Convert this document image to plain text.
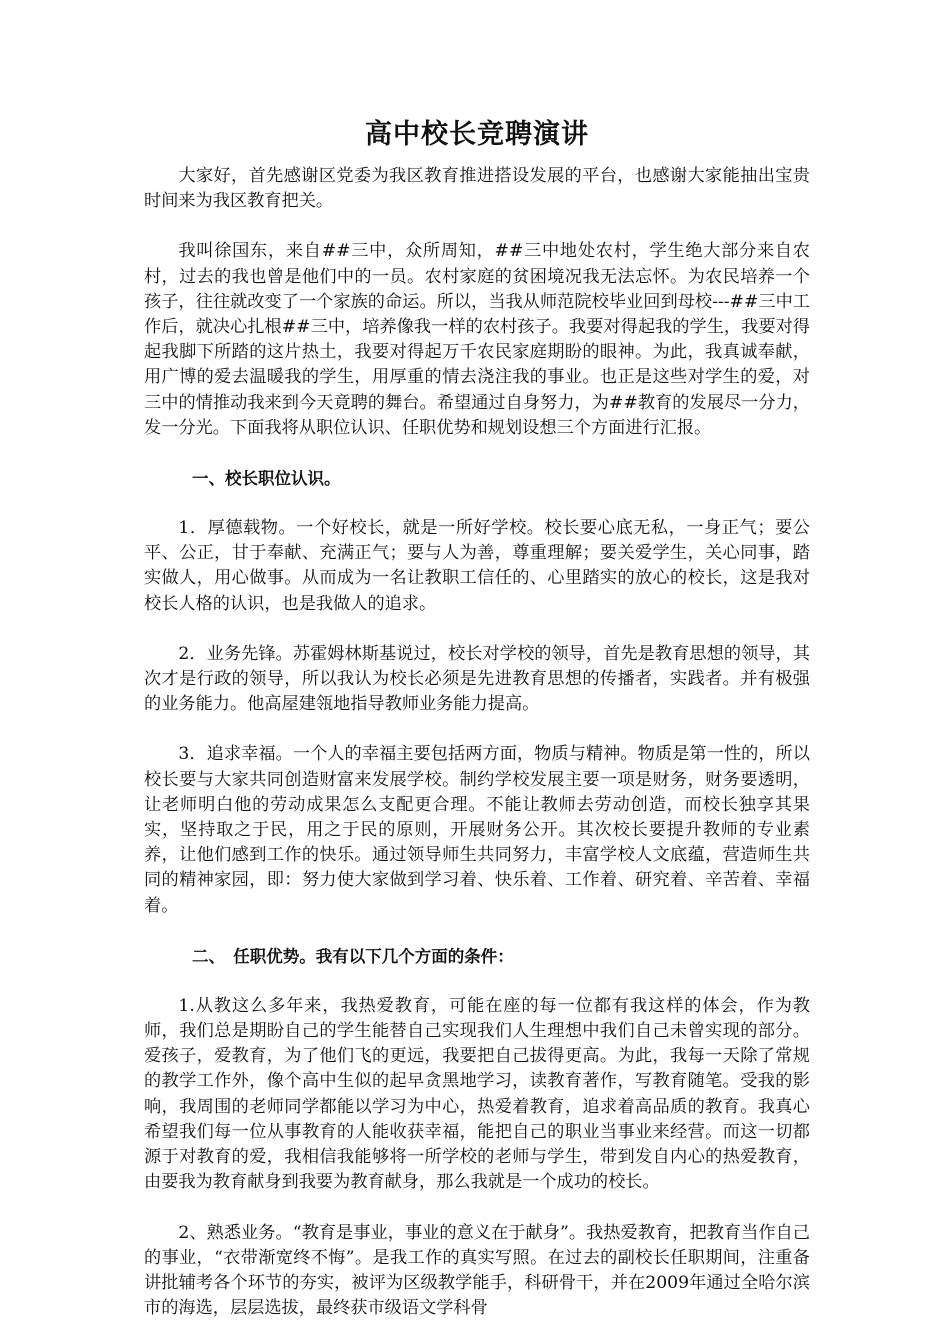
高中校长竞聘演讲
大家好，首先感谢区党委为我区教育推进搭设发展的平台，也感谢大家能抽出宝贵时间来为我区教育把关。
我叫徐国东，来自##三中，众所周知，##三中地处农村，学生绝大部分来自农村，过去的我也曾是他们中的一员。农村家庭的贫困境况我无法忘怀。为农民培养一个孩子，往往就改变了一个家族的命运。所以，当我从师范院校毕业回到母校---##三中工作后，就决心扎根##三中，培养像我一样的农村孩子。我要对得起我的学生，我要对得起我脚下所踏的这片热土，我要对得起万千农民家庭期盼的眼神。为此，我真诚奉献，用广博的爱去温暖我的学生，用厚重的情去浇注我的事业。也正是这些对学生的爱，对三中的情推动我来到今天竟聘的舞台。希望通过自身努力，为##教育的发展尽一分力，发一分光。下面我将从职位认识、任职优势和规划设想三个方面进行汇报。
一、校长职位认识。
1．厚德载物。一个好校长，就是一所好学校。校长要心底无私，一身正气；要公平、公正，甘于奉献、充满正气；要与人为善，尊重理解；要关爱学生，关心同事，踏实做人，用心做事。从而成为一名让教职工信任的、心里踏实的放心的校长，这是我对校长人格的认识，也是我做人的追求。
2．业务先锋。苏霍姆林斯基说过，校长对学校的领导，首先是教育思想的领导，其次才是行政的领导，所以我认为校长必须是先进教育思想的传播者，实践者。并有极强的业务能力。他高屋建瓴地指导教师业务能力提高。
3．追求幸福。一个人的幸福主要包括两方面，物质与精神。物质是第一性的，所以校长要与大家共同创造财富来发展学校。制约学校发展主要一项是财务，财务要透明，让老师明白他的劳动成果怎么支配更合理。不能让教师去劳动创造，而校长独享其果实，坚持取之于民，用之于民的原则，开展财务公开。其次校长要提升教师的专业素养，让他们感到工作的快乐。通过领导师生共同努力，丰富学校人文底蕴，营造师生共同的精神家园，即：努力使大家做到学习着、快乐着、工作着、研究着、辛苦着、幸福着。
二、　任职优势。我有以下几个方面的条件：
1.从教这么多年来，我热爱教育，可能在座的每一位都有我这样的体会，作为教师，我们总是期盼自己的学生能替自己实现我们人生理想中我们自己未曾实现的部分。爱孩子，爱教育，为了他们飞的更远，我要把自己拔得更高。为此，我每一天除了常规的教学工作外，像个高中生似的起早贪黑地学习，读教育著作，写教育随笔。受我的影响，我周围的老师同学都能以学习为中心，热爱着教育，追求着高品质的教育。我真心希望我们每一位从事教育的人能收获幸福，能把自己的职业当事业来经营。而这一切都源于对教育的爱，我相信我能够将一所学校的老师与学生，带到发自内心的热爱教育，由要我为教育献身到我要为教育献身，那么我就是一个成功的校长。
2、熟悉业务。“教育是事业，事业的意义在于献身”。我热爱教育，把教育当作自己的事业，“衣带渐宽终不悔”。是我工作的真实写照。在过去的副校长任职期间，注重备讲批辅考各个环节的夯实，被评为区级教学能手，科研骨干，并在2009年通过全哈尔滨市的海选，层层选拔，最终获市级语文学科骨
